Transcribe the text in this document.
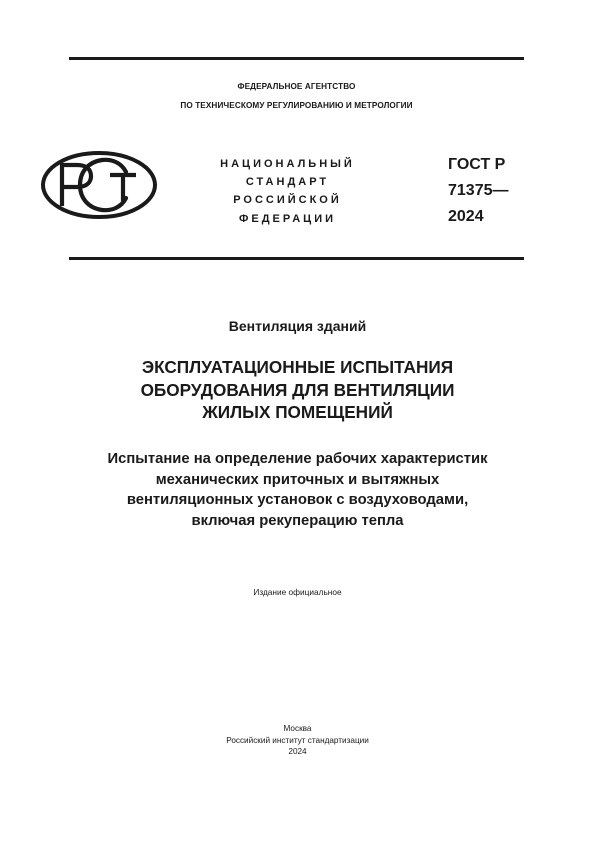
ФЕДЕРАЛЬНОЕ АГЕНТСТВО
ПО ТЕХНИЧЕСКОМУ РЕГУЛИРОВАНИЮ И МЕТРОЛОГИИ
НАЦИОНАЛЬНЫЙ
СТАНДАРТ
РОССИЙСКОЙ
ФЕДЕРАЦИИ
ГОСТ Р
71375—
2024
Вентиляция зданий
ЭКСПЛУАТАЦИОННЫЕ ИСПЫТАНИЯ
ОБОРУДОВАНИЯ ДЛЯ ВЕНТИЛЯЦИИ
ЖИЛЫХ ПОМЕЩЕНИЙ
Испытание на определение рабочих характеристик
механических приточных и вытяжных
вентиляционных установок с воздуховодами,
включая рекуперацию тепла
Издание официальное
Москва
Российский институт стандартизации
2024
